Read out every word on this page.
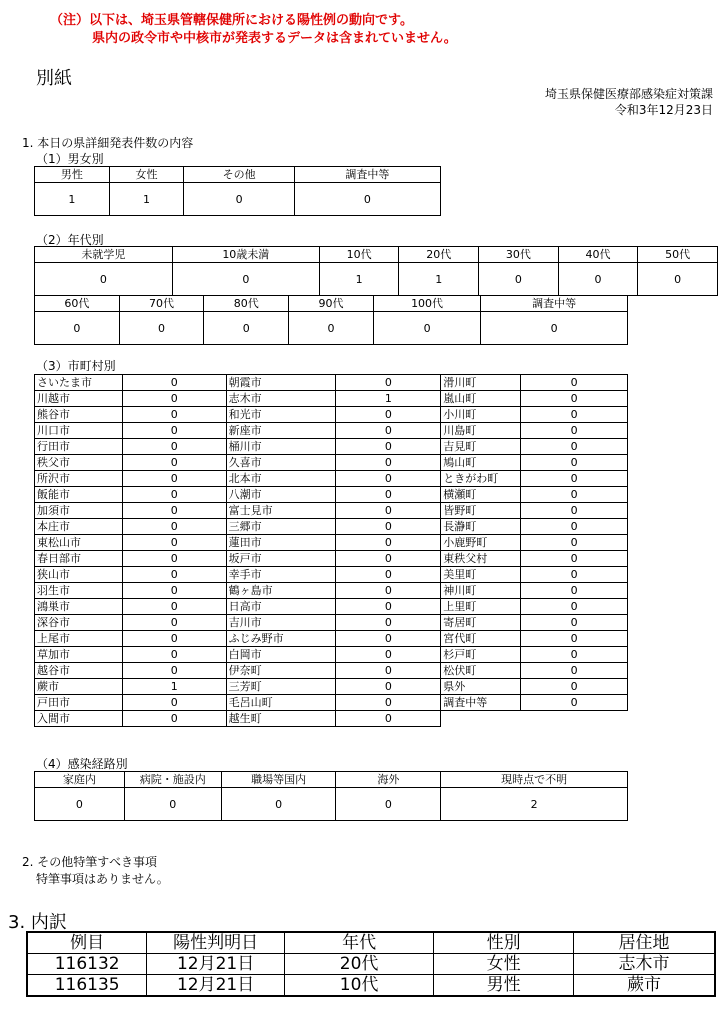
（注）以下は、埼玉県管轄保健所における陽性例の動向です。
県内の政令市や中核市が発表するデータは含まれていません。
別紙
埼玉県保健医療部感染症対策課
令和3年12月23日
1. 本日の県詳細発表件数の内容
（1）男女別
男性	女性	その他	調査中等
1	1	0	0
（2）年代別
未就学児	10歳未満	10代	20代	30代	40代	50代
0	0	1	1	0	0	0
60代	70代	80代	90代	100代	調査中等
0	0	0	0	0	0
（3）市町村別
さいたま市	0	朝霞市	0	滑川町	0
川越市	0	志木市	1	嵐山町	0
熊谷市	0	和光市	0	小川町	0
川口市	0	新座市	0	川島町	0
行田市	0	桶川市	0	吉見町	0
秩父市	0	久喜市	0	鳩山町	0
所沢市	0	北本市	0	ときがわ町	0
飯能市	0	八潮市	0	横瀬町	0
加須市	0	富士見市	0	皆野町	0
本庄市	0	三郷市	0	長瀞町	0
東松山市	0	蓮田市	0	小鹿野町	0
春日部市	0	坂戸市	0	東秩父村	0
狭山市	0	幸手市	0	美里町	0
羽生市	0	鶴ヶ島市	0	神川町	0
鴻巣市	0	日高市	0	上里町	0
深谷市	0	吉川市	0	寄居町	0
上尾市	0	ふじみ野市	0	宮代町	0
草加市	0	白岡市	0	杉戸町	0
越谷市	0	伊奈町	0	松伏町	0
蕨市	1	三芳町	0	県外	0
戸田市	0	毛呂山町	0	調査中等	0
入間市	0	越生町	0		
（4）感染経路別
家庭内	病院・施設内	職場等国内	海外	現時点で不明
0	0	0	0	2
2. その他特筆すべき事項
特筆事項はありません。
3. 内訳
例目	陽性判明日	年代	性別	居住地
116132	12月21日	20代	女性	志木市
116135	12月21日	10代	男性	蕨市
